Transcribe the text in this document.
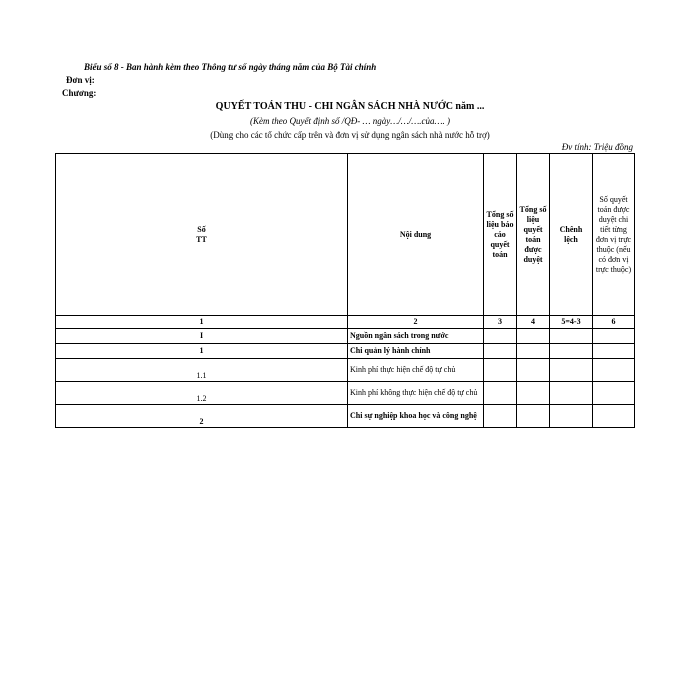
Biểu số 8 - Ban hành kèm theo Thông tư số ngày tháng năm của Bộ Tài chính
Đơn vị:
Chương:
QUYẾT TOÁN THU - CHI NGÂN SÁCH NHÀ NƯỚC năm ...
(Kèm theo Quyết định số /QĐ- … ngày…/…/….của…. )
(Dùng cho các tổ chức cấp trên và đơn vị sử dụng ngân sách nhà nước hỗ trợ)
Đv tính: Triệu đồng
Số
TT	Nội dung	Tổng số liệu báo cáo quyết toán	Tổng số liệu quyết toán được duyệt	Chênh lệch	Số quyết toán được duyệt chi tiết từng đơn vị trực thuộc (nếu có đơn vị trực thuộc)
1	2	3	4	5=4-3	6
I	Nguồn ngân sách trong nước				
1	Chi quản lý hành chính				
1.1	Kinh phí thực hiện chế độ tự chủ				
1.2	Kinh phí không thực hiện chế độ tự chủ				
2	Chi sự nghiệp khoa học và công nghệ				
